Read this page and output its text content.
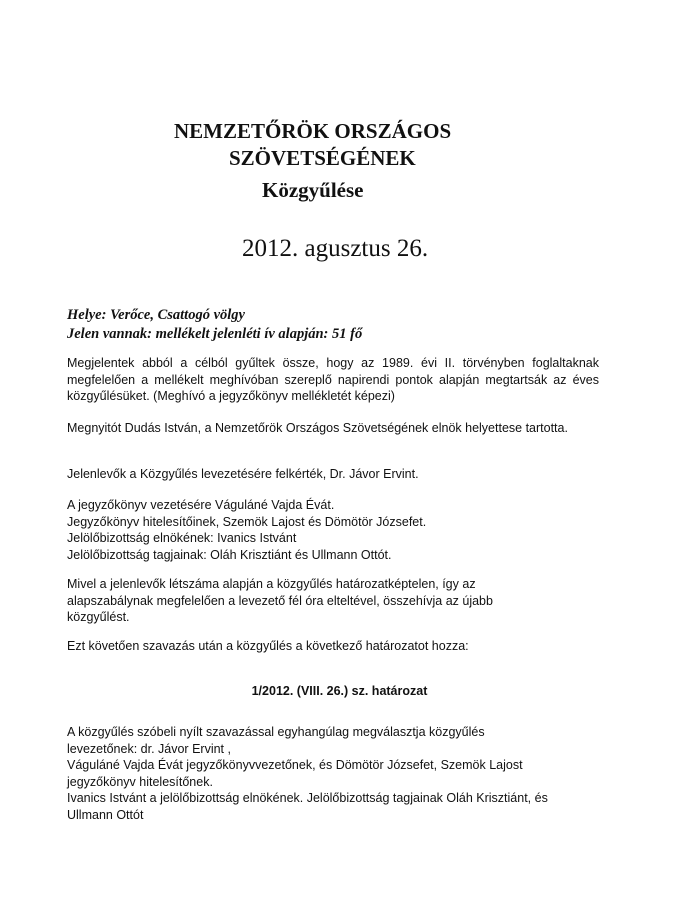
NEMZETŐRÖK ORSZÁGOS
SZÖVETSÉGÉNEK
Közgyűlése
2012. agusztus 26.
Helye: Verőce, Csattogó völgy
Jelen vannak: mellékelt jelenléti ív alapján: 51 fő
Megjelentek abból a célból gyűltek össze, hogy az 1989. évi II. törvényben foglaltaknak megfelelően a mellékelt meghívóban szereplő napirendi pontok alapján megtartsák az éves közgyűlésüket. (Meghívó a jegyzőkönyv mellékletét képezi)
Megnyitót Dudás István, a Nemzetőrök Országos Szövetségének elnök helyettese tartotta.
Jelenlevők a Közgyűlés levezetésére felkérték, Dr. Jávor Ervint.
A jegyzőkönyv vezetésére Váguláné Vajda Évát.
Jegyzőkönyv hitelesítőinek, Szemök Lajost és Dömötör Józsefet.
Jelölőbizottság elnökének: Ivanics Istvánt
Jelölőbizottság tagjainak: Oláh Krisztiánt és Ullmann Ottót.
Mivel a jelenlevők létszáma alapján a közgyűlés határozatképtelen, így az
alapszabálynak megfelelően a levezető fél óra elteltével, összehívja az újabb
közgyűlést.
Ezt követően szavazás után a közgyűlés a következő határozatot hozza:
1/2012. (VIII. 26.) sz. határozat
A közgyűlés szóbeli nyílt szavazással egyhangúlag megválasztja közgyűlés
levezetőnek: dr. Jávor Ervint ,
Váguláné Vajda Évát jegyzőkönyvvezetőnek, és Dömötör Józsefet, Szemök Lajost
jegyzőkönyv hitelesítőnek.
Ivanics Istvánt a jelölőbizottság elnökének. Jelölőbizottság tagjainak Oláh Krisztiánt, és
Ullmann Ottót
